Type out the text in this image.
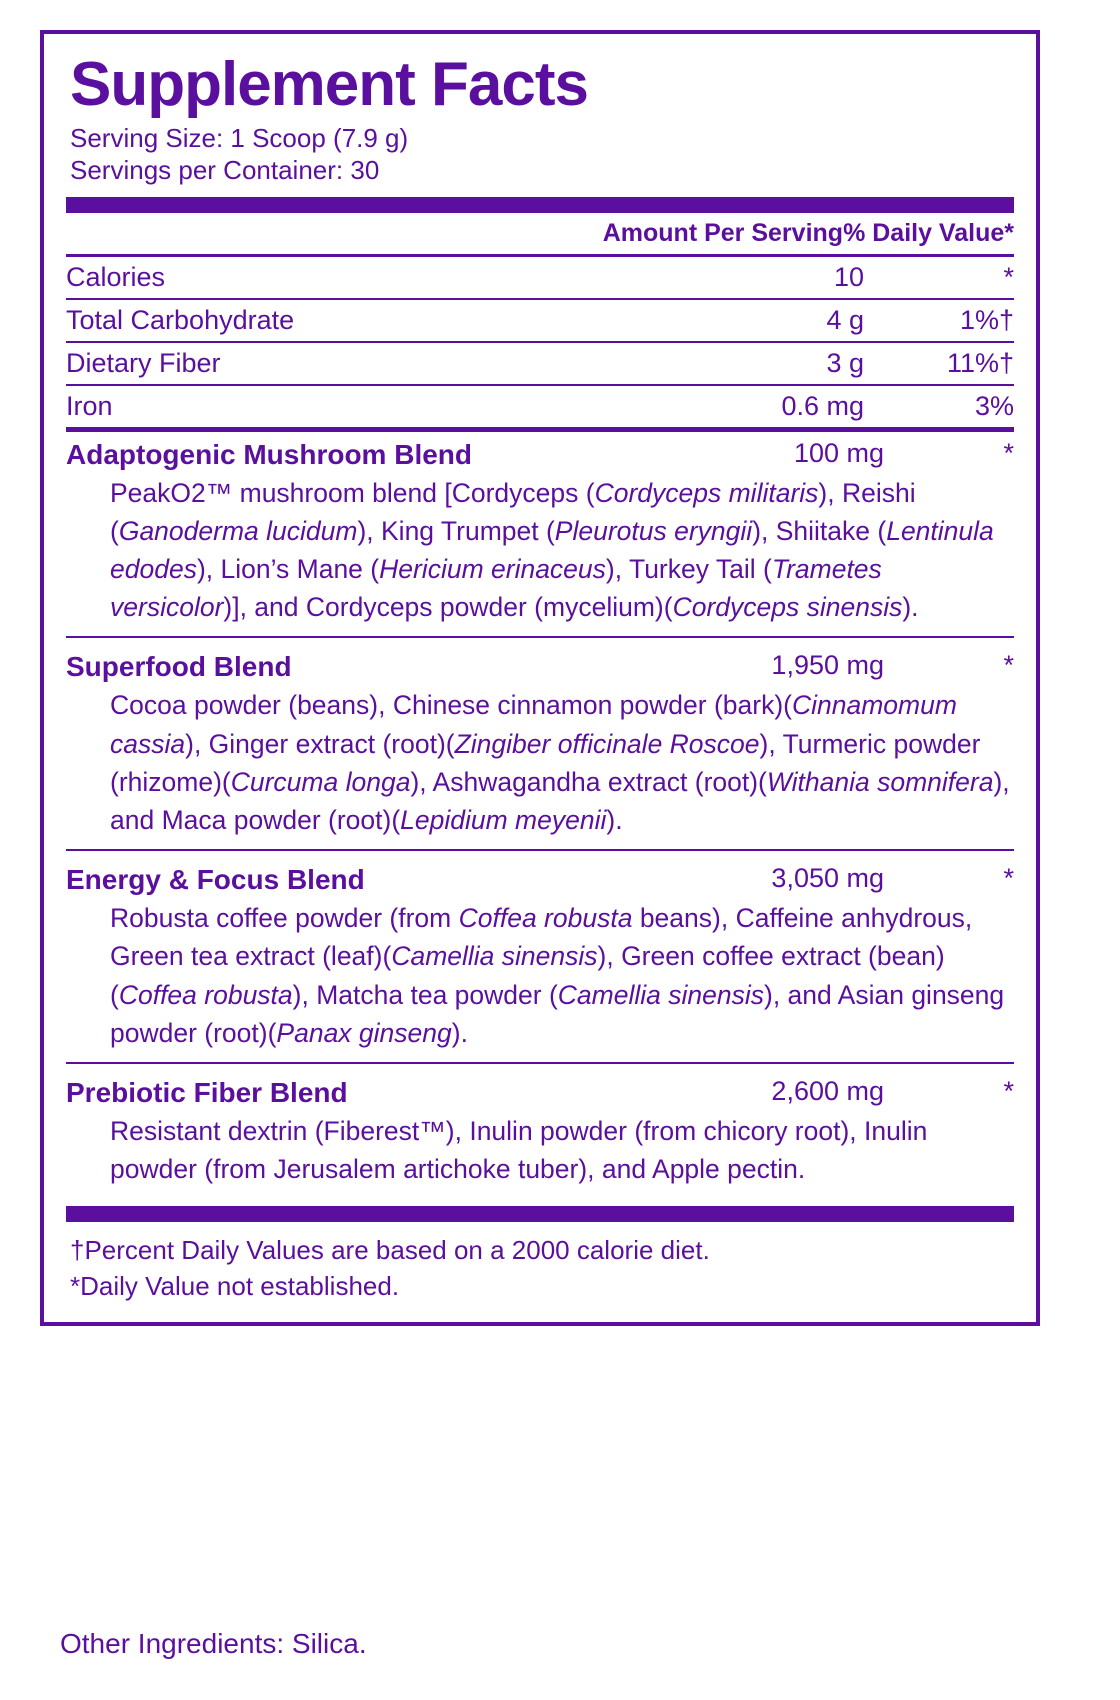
Supplement Facts
Serving Size: 1 Scoop (7.9 g)
Servings per Container: 30
Amount Per Serving % Daily Value*
Calories	10	*
Total Carbohydrate	4 g	1%†
Dietary Fiber	3 g	11%†
Iron	0.6 mg	3%
Adaptogenic Mushroom Blend	100 mg	*
PeakO2™ mushroom blend [Cordyceps (Cordyceps militaris), Reishi (Ganoderma lucidum), King Trumpet (Pleurotus eryngii), Shiitake (Lentinula edodes), Lion’s Mane (Hericium erinaceus), Turkey Tail (Trametes versicolor)], and Cordyceps powder (mycelium)(Cordyceps sinensis).
Superfood Blend	1,950 mg	*
Cocoa powder (beans), Chinese cinnamon powder (bark)(Cinnamomum cassia), Ginger extract (root)(Zingiber officinale Roscoe), Turmeric powder (rhizome)(Curcuma longa), Ashwagandha extract (root)(Withania somnifera), and Maca powder (root)(Lepidium meyenii).
Energy & Focus Blend	3,050 mg	*
Robusta coffee powder (from Coffea robusta beans), Caffeine anhydrous, Green tea extract (leaf)(Camellia sinensis), Green coffee extract (bean)(Coffea robusta), Matcha tea powder (Camellia sinensis), and Asian ginseng powder (root)(Panax ginseng).
Prebiotic Fiber Blend	2,600 mg	*
Resistant dextrin (Fiberest™), Inulin powder (from chicory root), Inulin powder (from Jerusalem artichoke tuber), and Apple pectin.
†Percent Daily Values are based on a 2000 calorie diet.
*Daily Value not established.
Other Ingredients: Silica.
